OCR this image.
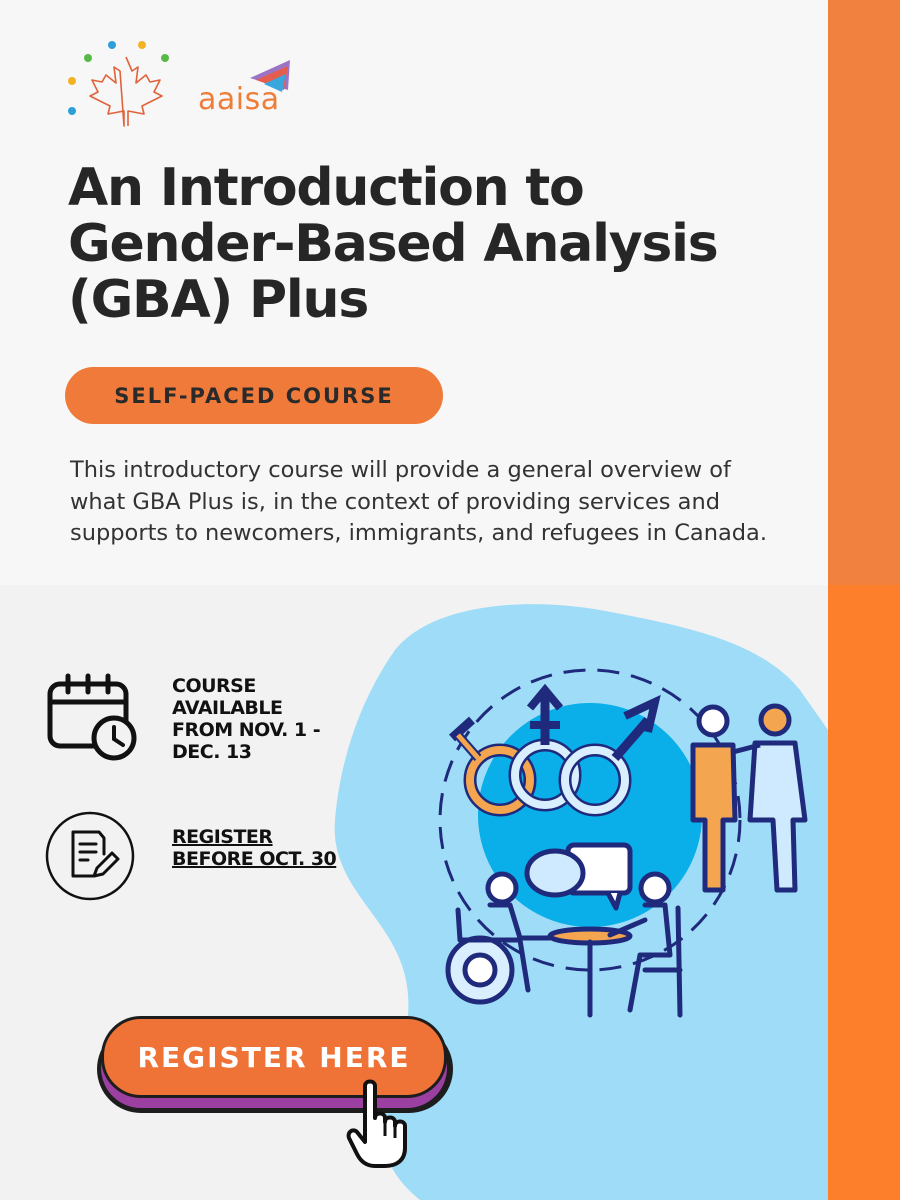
aaisa

An Introduction to
Gender-Based Analysis
(GBA) Plus
SELF-PACED COURSE

This introductory course will provide a general overview of what GBA Plus is, in the context of providing services and supports to newcomers, immigrants, and refugees in Canada.

COURSE
AVAILABLE
FROM NOV. 1 -
DEC. 13

REGISTER
BEFORE OCT. 30

REGISTER HERE
